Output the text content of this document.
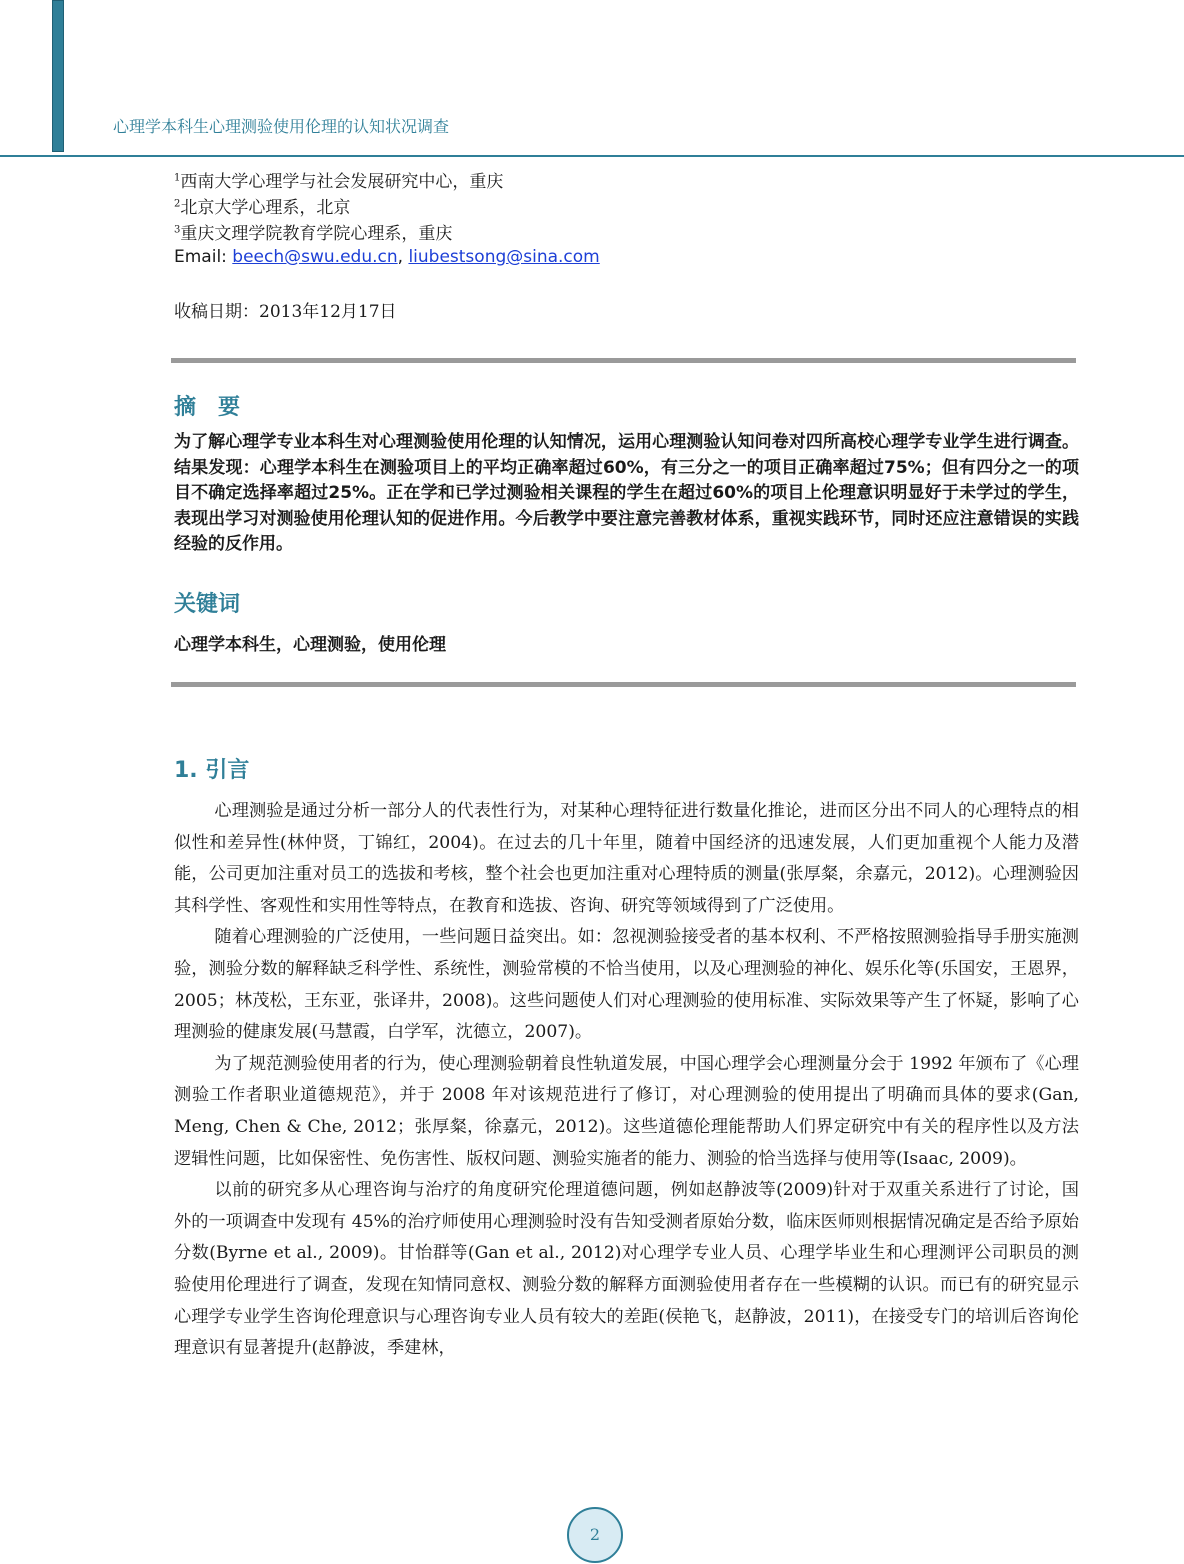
心理学本科生心理测验使用伦理的认知状况调查
$^1$西南大学心理学与社会发展研究中心，重庆
$^2$北京大学心理系，北京
$^3$重庆文理学院教育学院心理系，重庆
Email: beech@swu.edu.cn, liubestsong@sina.com
收稿日期：2013年12月17日
摘　要
为了解心理学专业本科生对心理测验使用伦理的认知情况，运用心理测验认知问卷对四所高校心理学专业学生进行调查。结果发现：心理学本科生在测验项目上的平均正确率超过60%，有三分之一的项目正确率超过75%；但有四分之一的项目不确定选择率超过25%。正在学和已学过测验相关课程的学生在超过60%的项目上伦理意识明显好于未学过的学生，表现出学习对测验使用伦理认知的促进作用。今后教学中要注意完善教材体系，重视实践环节，同时还应注意错误的实践经验的反作用。
关键词
心理学本科生，心理测验，使用伦理
1. 引言

心理测验是通过分析一部分人的代表性行为，对某种心理特征进行数量化推论，进而区分出不同人的心理特点的相似性和差异性(林仲贤，丁锦红，2004)。在过去的几十年里，随着中国经济的迅速发展，人们更加重视个人能力及潜能，公司更加注重对员工的选拔和考核，整个社会也更加注重对心理特质的测量(张厚粲，余嘉元，2012)。心理测验因其科学性、客观性和实用性等特点，在教育和选拔、咨询、研究等领域得到了广泛使用。

随着心理测验的广泛使用，一些问题日益突出。如：忽视测验接受者的基本权利、不严格按照测验指导手册实施测验，测验分数的解释缺乏科学性、系统性，测验常模的不恰当使用，以及心理测验的神化、娱乐化等(乐国安，王恩界，2005；林茂松，王东亚，张译井，2008)。这些问题使人们对心理测验的使用标准、实际效果等产生了怀疑，影响了心理测验的健康发展(马慧霞，白学军，沈德立，2007)。

为了规范测验使用者的行为，使心理测验朝着良性轨道发展，中国心理学会心理测量分会于 1992 年颁布了《心理测验工作者职业道德规范》，并于 2008 年对该规范进行了修订，对心理测验的使用提出了明确而具体的要求(Gan, Meng, Chen & Che, 2012；张厚粲，徐嘉元，2012)。这些道德伦理能帮助人们界定研究中有关的程序性以及方法逻辑性问题，比如保密性、免伤害性、版权问题、测验实施者的能力、测验的恰当选择与使用等(Isaac, 2009)。

以前的研究多从心理咨询与治疗的角度研究伦理道德问题，例如赵静波等(2009)针对于双重关系进行了讨论，国外的一项调查中发现有 45%的治疗师使用心理测验时没有告知受测者原始分数，临床医师则根据情况确定是否给予原始分数(Byrne et al., 2009)。甘怡群等(Gan et al., 2012)对心理学专业人员、心理学毕业生和心理测评公司职员的测验使用伦理进行了调查，发现在知情同意权、测验分数的解释方面测验使用者存在一些模糊的认识。而已有的研究显示心理学专业学生咨询伦理意识与心理咨询专业人员有较大的差距(侯艳飞，赵静波，2011)，在接受专门的培训后咨询伦理意识有显著提升(赵静波，季建林，

2
